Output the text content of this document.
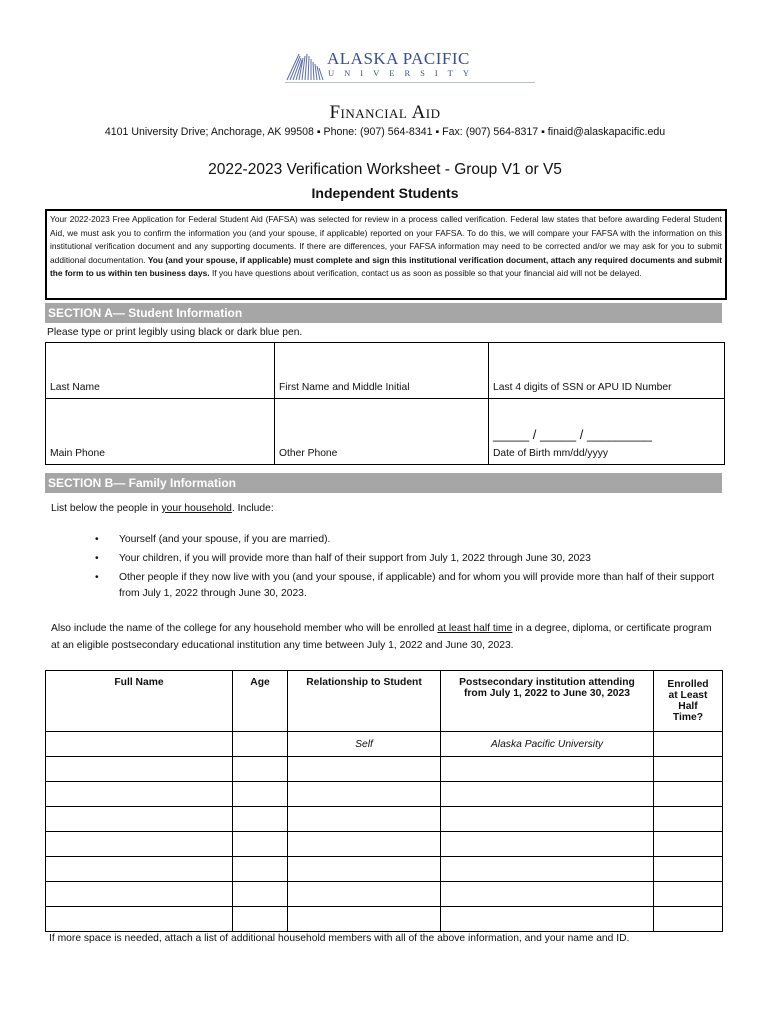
ALASKA PACIFIC
UNIVERSITY
Financial Aid
4101 University Drive; Anchorage, AK 99508 ▪ Phone: (907) 564-8341 ▪ Fax: (907) 564-8317 ▪ finaid@alaskapacific.edu
2022-2023 Verification Worksheet - Group V1 or V5
Independent Students
Your 2022-2023 Free Application for Federal Student Aid (FAFSA) was selected for review in a process called verification. Federal law states that before awarding Federal Student Aid, we must ask you to confirm the information you (and your spouse, if applicable) reported on your FAFSA. To do this, we will compare your FAFSA with the information on this institutional verification document and any supporting documents. If there are differences, your FAFSA information may need to be corrected and/or we may ask for you to submit additional documentation. You (and your spouse, if applicable) must complete and sign this institutional verification document, attach any required documents and submit the form to us within ten business days. If you have questions about verification, contact us as soon as possible so that your financial aid will not be delayed.
SECTION A— Student Information
Please type or print legibly using black or dark blue pen.
Last Name	First Name and Middle Initial	Last 4 digits of SSN or APU ID Number
Main Phone	Other Phone	_____ / _____ / _________
Date of Birth mm/dd/yyyy
SECTION B— Family Information
List below the people in your household. Include:
•	Yourself (and your spouse, if you are married).
•	Your children, if you will provide more than half of their support from July 1, 2022 through June 30, 2023
•	Other people if they now live with you (and your spouse, if applicable) and for whom you will provide more than half of their support from July 1, 2022 through June 30, 2023.
Also include the name of the college for any household member who will be enrolled at least half time in a degree, diploma, or certificate program at an eligible postsecondary educational institution any time between July 1, 2022 and June 30, 2023.
Full Name	Age	Relationship to Student	Postsecondary institution attending from July 1, 2022 to June 30, 2023	Enrolled at Least Half Time?
		Self	Alaska Pacific University	

If more space is needed, attach a list of additional household members with all of the above information, and your name and ID.
